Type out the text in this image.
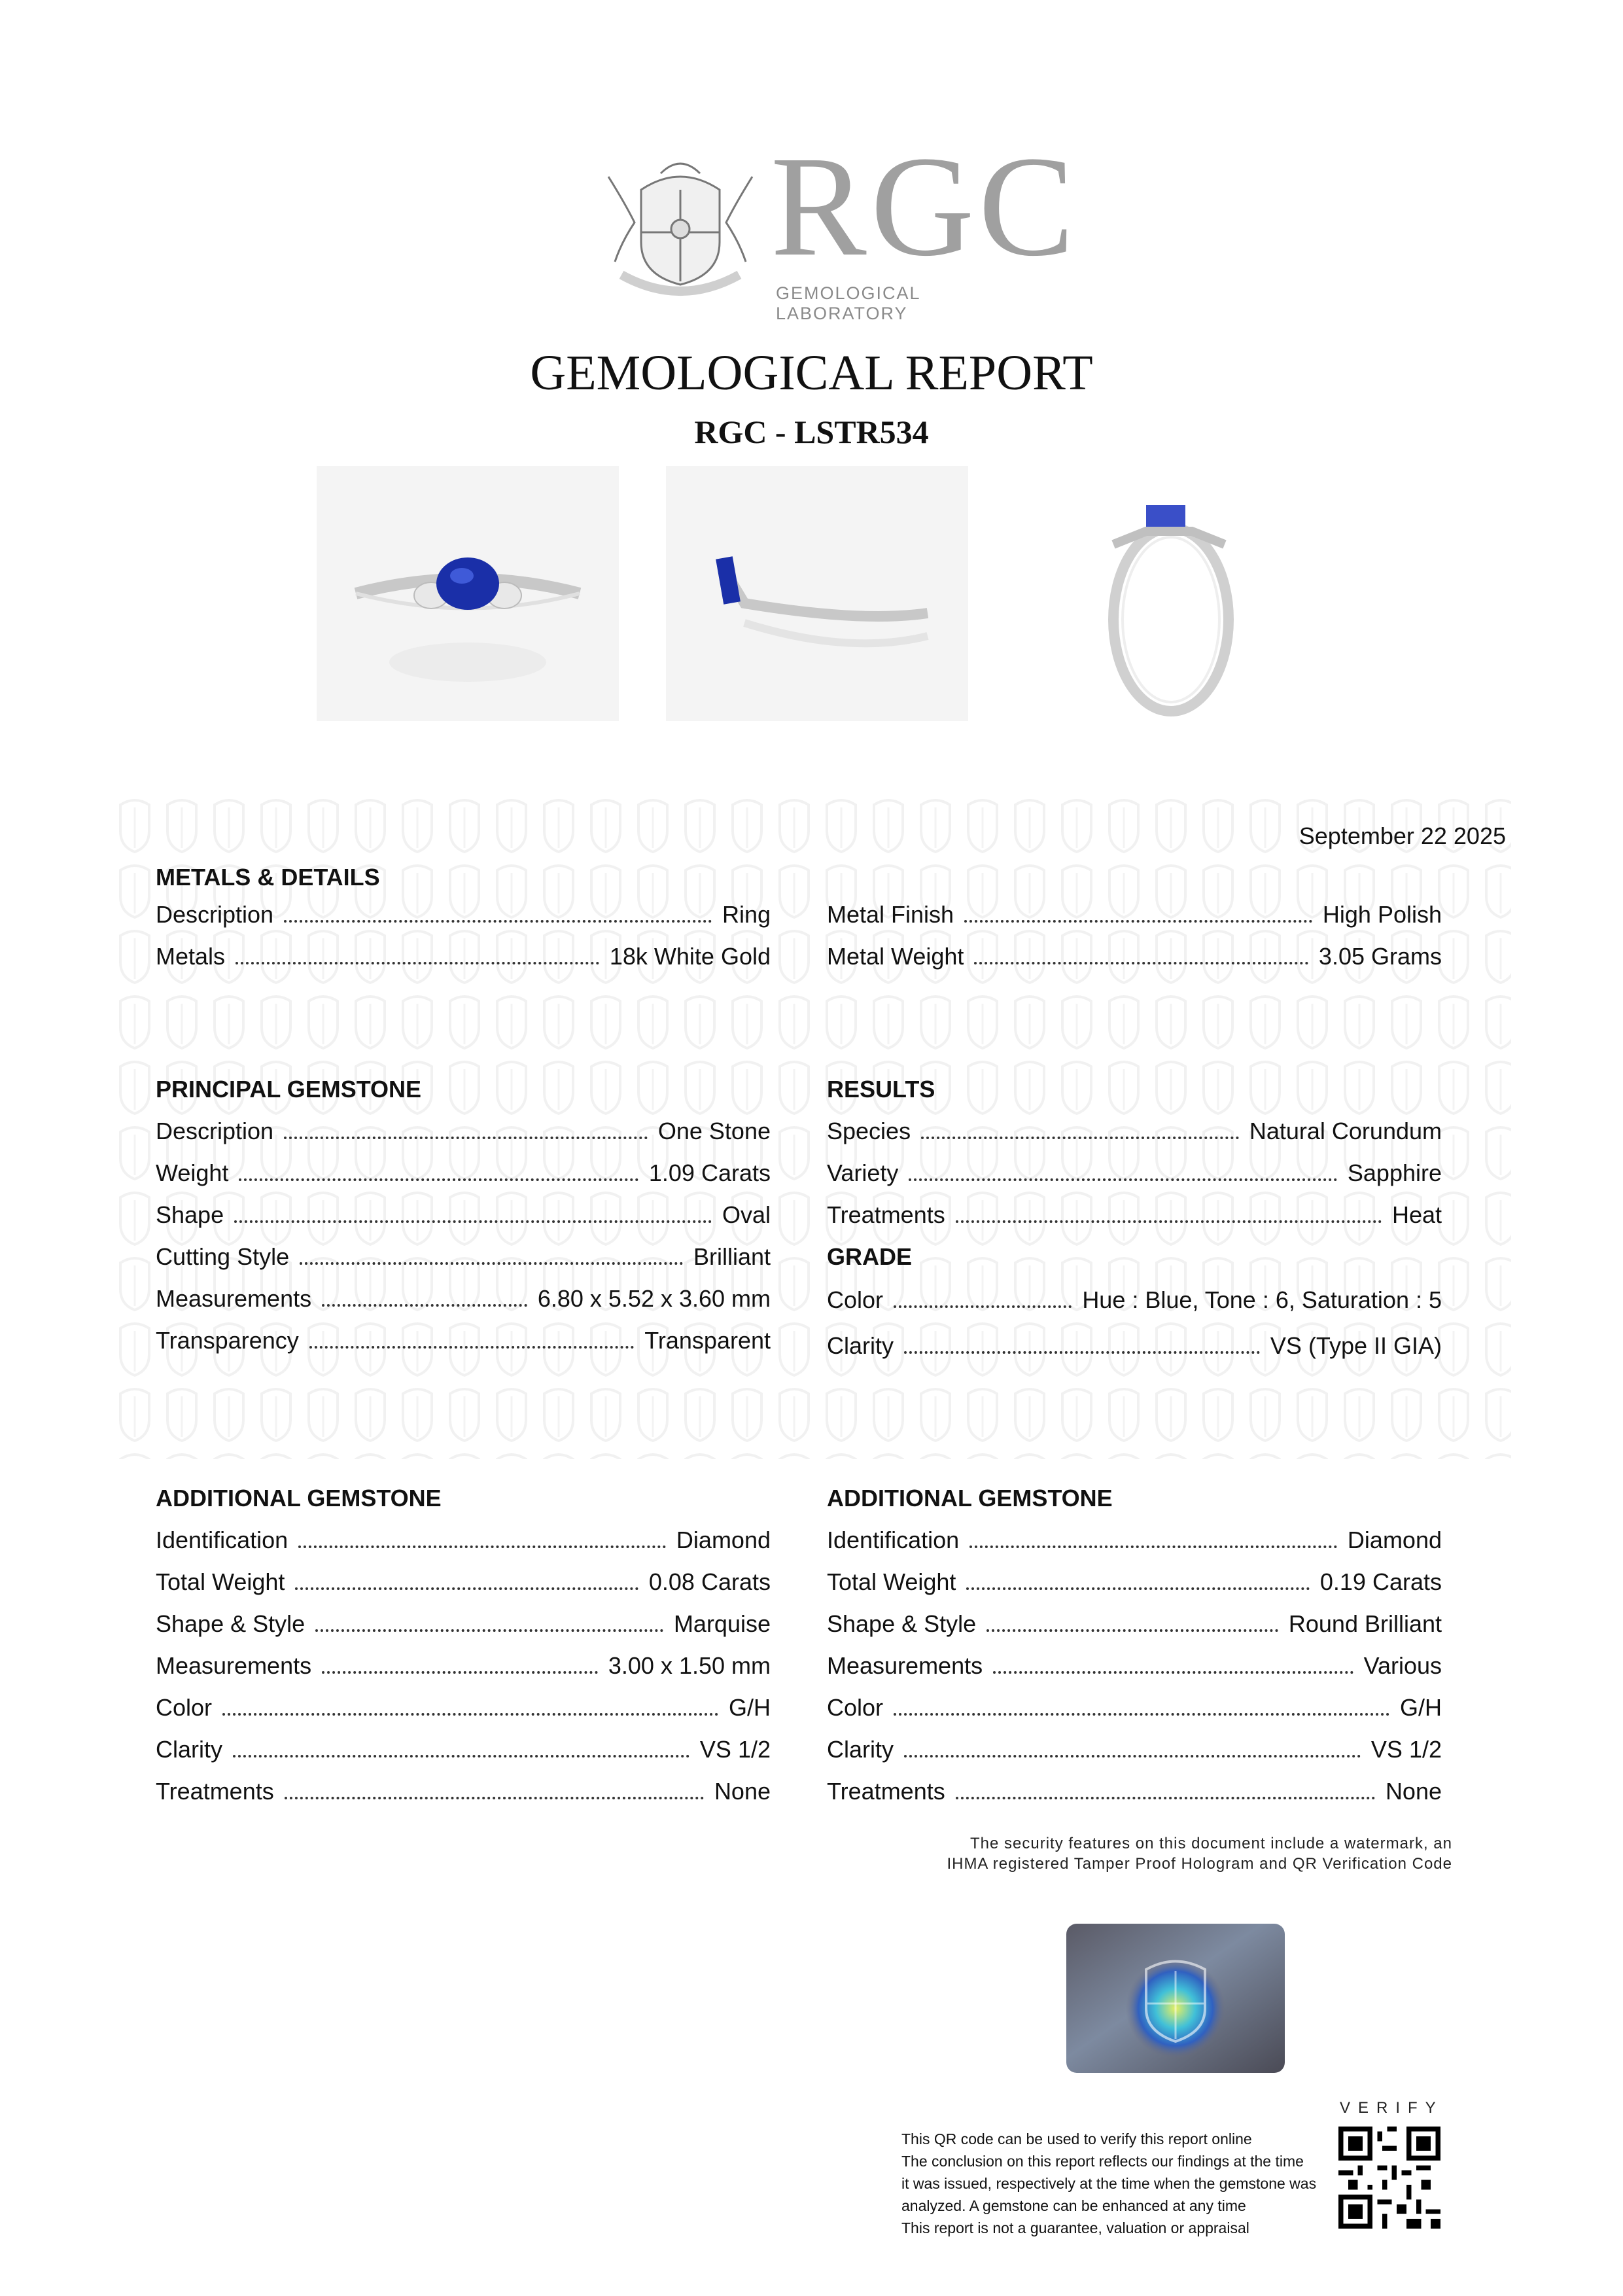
RGC
GEMOLOGICAL LABORATORY
GEMOLOGICAL REPORT
RGC - LSTR534
September 22 2025
METALS & DETAILS
Description	Ring
Metals	18k White Gold
Metal Finish	High Polish
Metal Weight	3.05 Grams
PRINCIPAL GEMSTONE
Description	One Stone
Weight	1.09 Carats
Shape	Oval
Cutting Style	Brilliant
Measurements	6.80 x 5.52 x 3.60 mm
Transparency	Transparent
RESULTS
Species	Natural Corundum
Variety	Sapphire
Treatments	Heat
GRADE
Color	Hue : Blue, Tone : 6, Saturation : 5
Clarity	VS (Type II GIA)
ADDITIONAL GEMSTONE
Identification	Diamond
Total Weight	0.08 Carats
Shape & Style	Marquise
Measurements	3.00 x 1.50 mm
Color	G/H
Clarity	VS 1/2
Treatments	None
ADDITIONAL GEMSTONE
Identification	Diamond
Total Weight	0.19 Carats
Shape & Style	Round Brilliant
Measurements	Various
Color	G/H
Clarity	VS 1/2
Treatments	None
The security features on this document include a watermark, an
IHMA registered Tamper Proof Hologram and QR Verification Code
VERIFY
This QR code can be used to verify this report online
The conclusion on this report reflects our findings at the time
it was issued, respectively at the time when the gemstone was
analyzed. A gemstone can be enhanced at any time
This report is not a guarantee, valuation or appraisal
